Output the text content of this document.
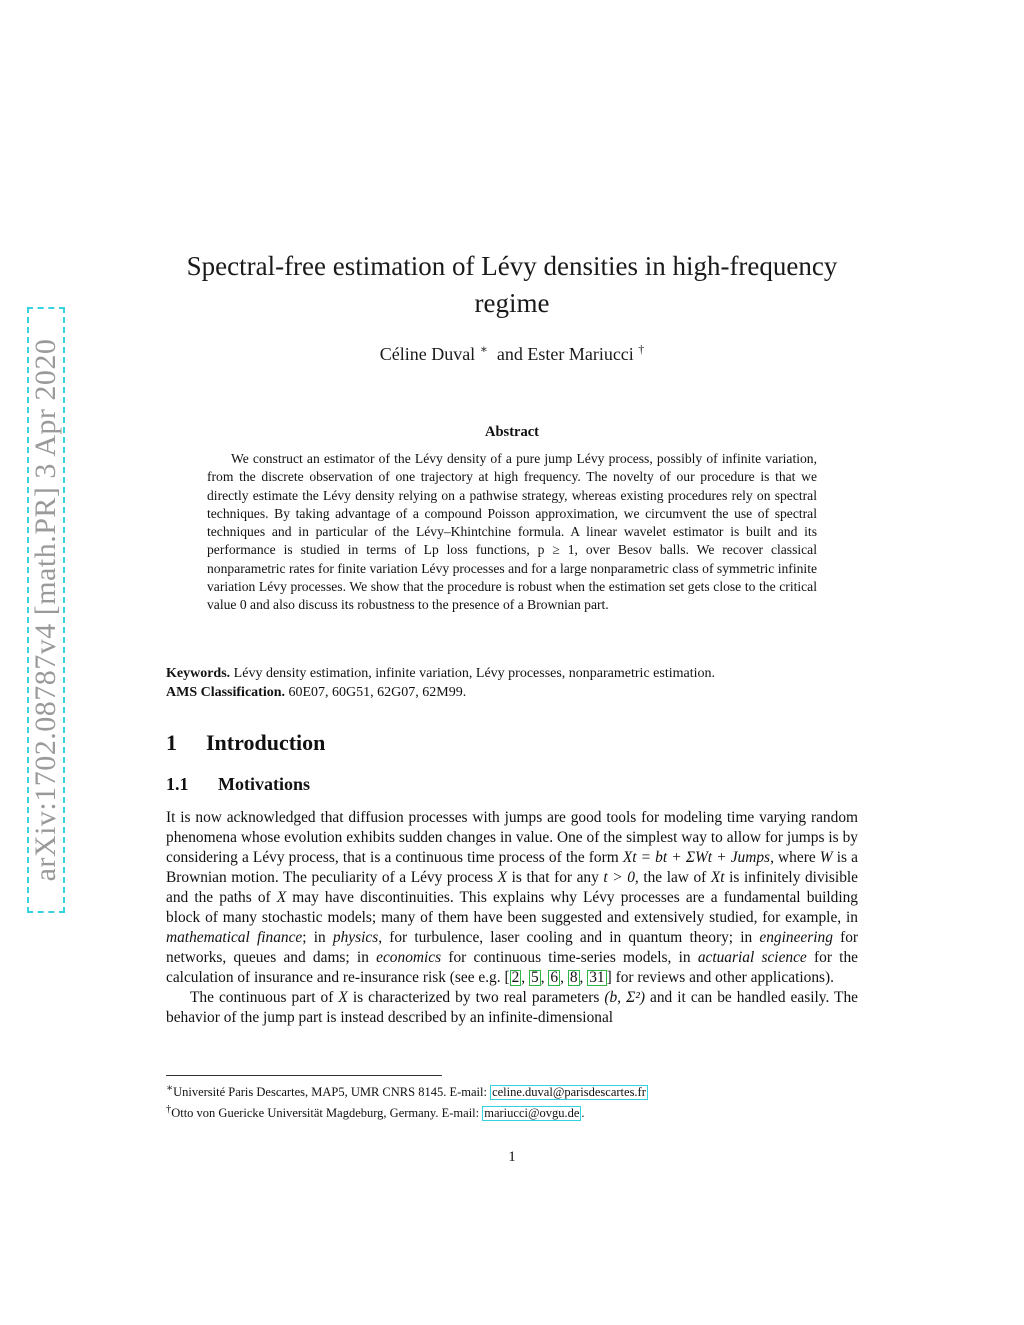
arXiv:1702.08787v4 [math.PR] 3 Apr 2020
Spectral-free estimation of Lévy densities in high-frequency
regime
Céline Duval ∗ and Ester Mariucci †
Abstract
We construct an estimator of the Lévy density of a pure jump Lévy process, possibly of infinite variation, from the discrete observation of one trajectory at high frequency. The novelty of our procedure is that we directly estimate the Lévy density relying on a pathwise strategy, whereas existing procedures rely on spectral techniques. By taking advantage of a compound Poisson approximation, we circumvent the use of spectral techniques and in particular of the Lévy–Khintchine formula. A linear wavelet estimator is built and its performance is studied in terms of Lp loss functions, p ≥ 1, over Besov balls. We recover classical nonparametric rates for finite variation Lévy processes and for a large nonparametric class of symmetric infinite variation Lévy processes. We show that the procedure is robust when the estimation set gets close to the critical value 0 and also discuss its robustness to the presence of a Brownian part.
Keywords. Lévy density estimation, infinite variation, Lévy processes, nonparametric estimation.
AMS Classification. 60E07, 60G51, 62G07, 62M99.
1 Introduction
1.1 Motivations

It is now acknowledged that diffusion processes with jumps are good tools for modeling time varying random phenomena whose evolution exhibits sudden changes in value. One of the simplest way to allow for jumps is by considering a Lévy process, that is a continuous time process of the form Xt = bt + ΣWt + Jumps, where W is a Brownian motion. The peculiarity of a Lévy process X is that for any t > 0, the law of Xt is infinitely divisible and the paths of X may have discontinuities. This explains why Lévy processes are a fundamental building block of many stochastic models; many of them have been suggested and extensively studied, for example, in mathematical finance; in physics, for turbulence, laser cooling and in quantum theory; in engineering for networks, queues and dams; in economics for continuous time-series models, in actuarial science for the calculation of insurance and re-insurance risk (see e.g. [ 2 , 5 , 6 , 8 , 31 ] for reviews and other applications).

The continuous part of X is characterized by two real parameters (b, Σ²) and it can be handled easily. The behavior of the jump part is instead described by an infinite-dimensional

∗Université Paris Descartes, MAP5, UMR CNRS 8145. E-mail: celine.duval@parisdescartes.fr
†Otto von Guericke Universität Magdeburg, Germany. E-mail: mariucci@ovgu.de .
1
